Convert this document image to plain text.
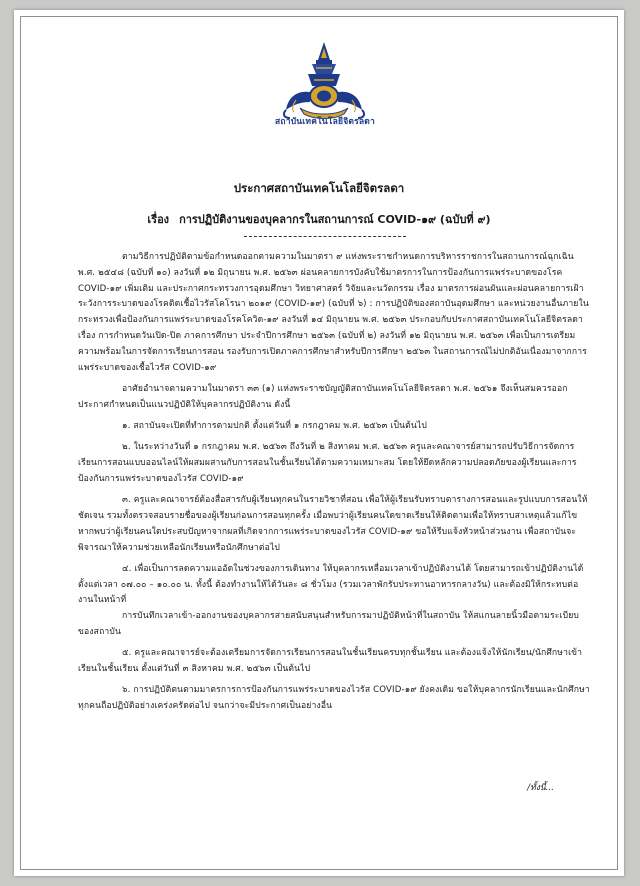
สถาบันเทคโนโลยีจิตรลดา
ประกาศสถาบันเทคโนโลยีจิตรลดา
เรื่อง การปฏิบัติงานของบุคลากรในสถานการณ์ COVID-๑๙ (ฉบับที่ ๙)

ตามวิธีการปฏิบัติตามข้อกำหนดออกตามความในมาตรา ๙ แห่งพระราชกำหนดการบริหารราชการในสถานการณ์ฉุกเฉิน พ.ศ. ๒๕๔๘ (ฉบับที่ ๑๐) ลงวันที่ ๑๒ มิถุนายน พ.ศ. ๒๕๖๓ ผ่อนคลายการบังคับใช้มาตรการในการป้องกันการแพร่ระบาดของโรค COVID-๑๙ เพิ่มเติม และประกาศกระทรวงการอุดมศึกษา วิทยาศาสตร์ วิจัยและนวัตกรรม เรื่อง มาตรการผ่อนผันและผ่อนคลายการเฝ้าระวังการระบาดของโรคติดเชื้อไวรัสโคโรนา ๒๐๑๙ (COVID-๑๙) (ฉบับที่ ๖) : การปฏิบัติของสถาบันอุดมศึกษา และหน่วยงานอื่นภายในกระทรวงเพื่อป้องกันการแพร่ระบาดของโรคโควิด-๑๙ ลงวันที่ ๑๔ มิถุนายน พ.ศ. ๒๕๖๓ ประกอบกับประกาศสถาบันเทคโนโลยีจิตรลดา เรื่อง การกำหนดวันเปิด-ปิด ภาคการศึกษา ประจำปีการศึกษา ๒๕๖๓ (ฉบับที่ ๒) ลงวันที่ ๑๒ มิถุนายน พ.ศ. ๒๕๖๓ เพื่อเป็นการเตรียมความพร้อมในการจัดการเรียนการสอน รองรับการเปิดภาคการศึกษาสำหรับปีการศึกษา ๒๕๖๓ ในสถานการณ์ไม่ปกติอันเนื่องมาจากการแพร่ระบาดของเชื้อไวรัส COVID-๑๙

อาศัยอำนาจตามความในมาตรา ๓๓ (๑) แห่งพระราชบัญญัติสถาบันเทคโนโลยีจิตรลดา พ.ศ. ๒๕๖๑ จึงเห็นสมควรออกประกาศกำหนดเป็นแนวปฏิบัติให้บุคลากรปฏิบัติงาน ดังนี้

๑. สถาบันจะเปิดที่ทำการตามปกติ ตั้งแต่วันที่ ๑ กรกฎาคม พ.ศ. ๒๕๖๓ เป็นต้นไป

๒. ในระหว่างวันที่ ๑ กรกฎาคม พ.ศ. ๒๕๖๓ ถึงวันที่ ๒ สิงหาคม พ.ศ. ๒๕๖๓ ครูและคณาจารย์สามารถปรับวิธีการจัดการเรียนการสอนแบบออนไลน์ให้ผสมผสานกับการสอนในชั้นเรียนได้ตามความเหมาะสม โดยให้ยึดหลักความปลอดภัยของผู้เรียนและการป้องกันการแพร่ระบาดของไวรัส COVID-๑๙

๓. ครูและคณาจารย์ต้องสื่อสารกับผู้เรียนทุกคนในรายวิชาที่สอน เพื่อให้ผู้เรียนรับทราบตารางการสอนและรูปแบบการสอนให้ชัดเจน รวมทั้งตรวจสอบรายชื่อของผู้เรียนก่อนการสอนทุกครั้ง เมื่อพบว่าผู้เรียนคนใดขาดเรียนให้ติดตามเพื่อให้ทราบสาเหตุแล้วแก้ไข หากพบว่าผู้เรียนคนใดประสบปัญหาจากผลที่เกิดจากการแพร่ระบาดของไวรัส COVID-๑๙ ขอให้รีบแจ้งหัวหน้าส่วนงาน เพื่อสถาบันจะพิจารณาให้ความช่วยเหลือนักเรียนหรือนักศึกษาต่อไป

๔. เพื่อเป็นการลดความแออัดในช่วงของการเดินทาง ให้บุคลากรเหลื่อมเวลาเข้าปฏิบัติงานได้ โดยสามารถเข้าปฏิบัติงานได้ตั้งแต่เวลา ๐๗.๐๐ – ๑๐.๐๐ น. ทั้งนี้ ต้องทำงานให้ได้วันละ ๘ ชั่วโมง (รวมเวลาพักรับประทานอาหารกลางวัน) และต้องมิให้กระทบต่องานในหน้าที่

การบันทึกเวลาเข้า-ออกงานของบุคลากรสายสนับสนุนสำหรับการมาปฏิบัติหน้าที่ในสถาบัน ให้สแกนลายนิ้วมือตามระเบียบของสถาบัน

๕. ครูและคณาจารย์จะต้องเตรียมการจัดการเรียนการสอนในชั้นเรียนครบทุกชั้นเรียน และต้องแจ้งให้นักเรียน/นักศึกษาเข้าเรียนในชั้นเรียน ตั้งแต่วันที่ ๓ สิงหาคม พ.ศ. ๒๕๖๓ เป็นต้นไป

๖. การปฏิบัติตนตามมาตรการการป้องกันการแพร่ระบาดของไวรัส COVID-๑๙ ยังคงเดิม ขอให้บุคลากรนักเรียนและนักศึกษาทุกคนถือปฏิบัติอย่างเคร่งครัดต่อไป จนกว่าจะมีประกาศเป็นอย่างอื่น

/ทั้งนี้...
